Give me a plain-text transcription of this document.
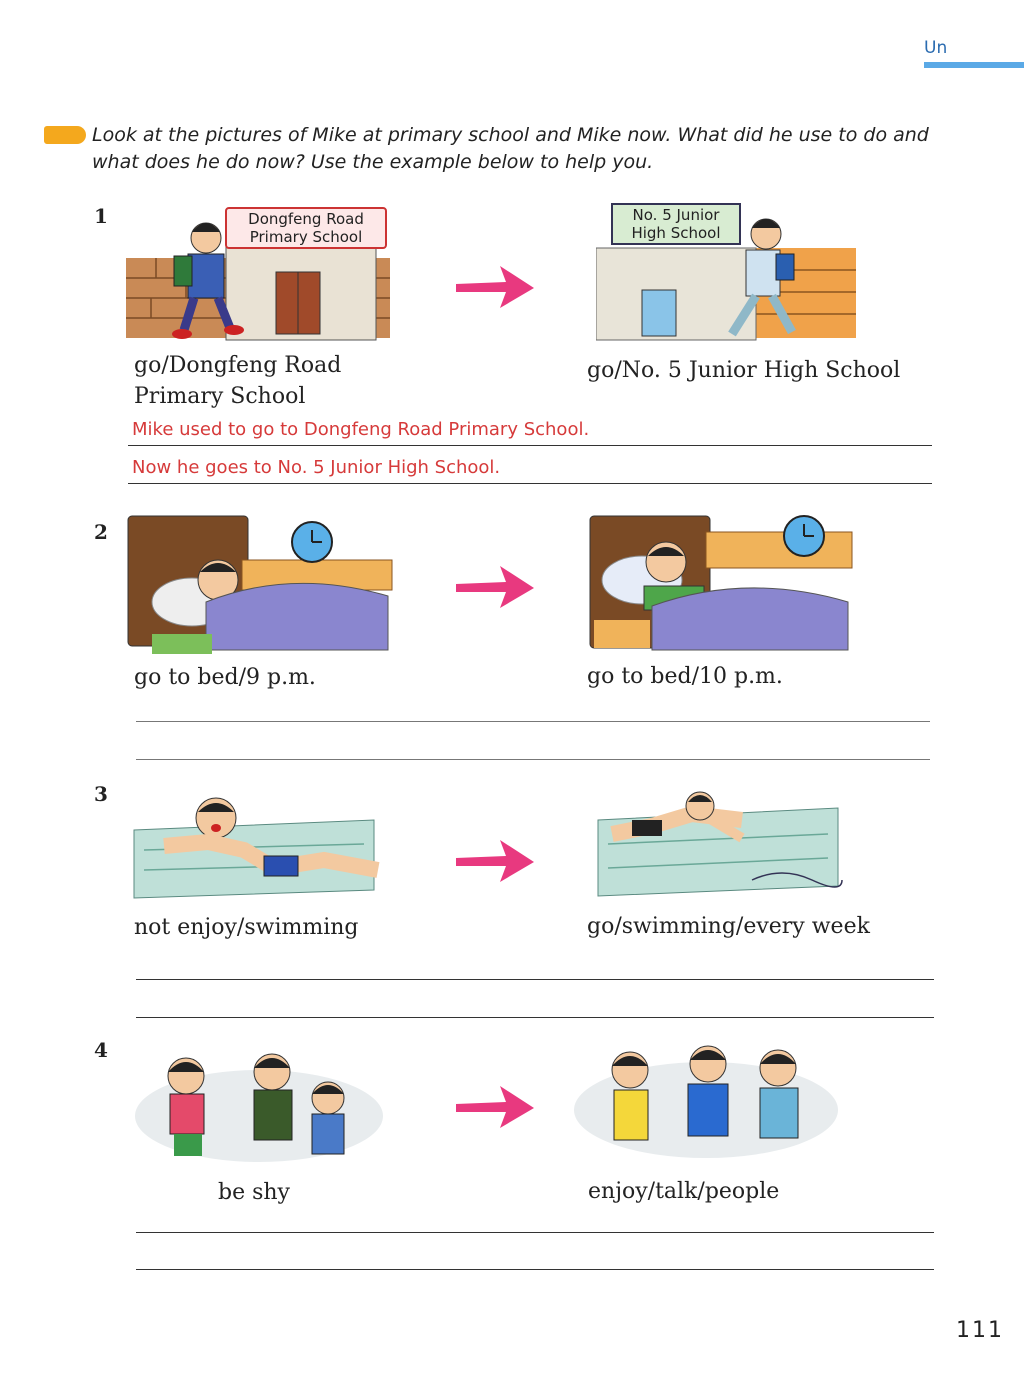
Un
Look at the pictures of Mike at primary school and Mike now. What did he use to do and what does he do now? Use the example below to help you.
1	Dongfeng Road
Primary School
No. 5 Junior
High School
go/Dongfeng Road
Primary School
go/No. 5 Junior High School
Mike used to go to Dongfeng Road Primary School.
Now he goes to No. 5 Junior High School.
2
go to bed/9 p.m.	go to bed/10 p.m.
3
not enjoy/swimming	go/swimming/every week
4
be shy	enjoy/talk/people
111
